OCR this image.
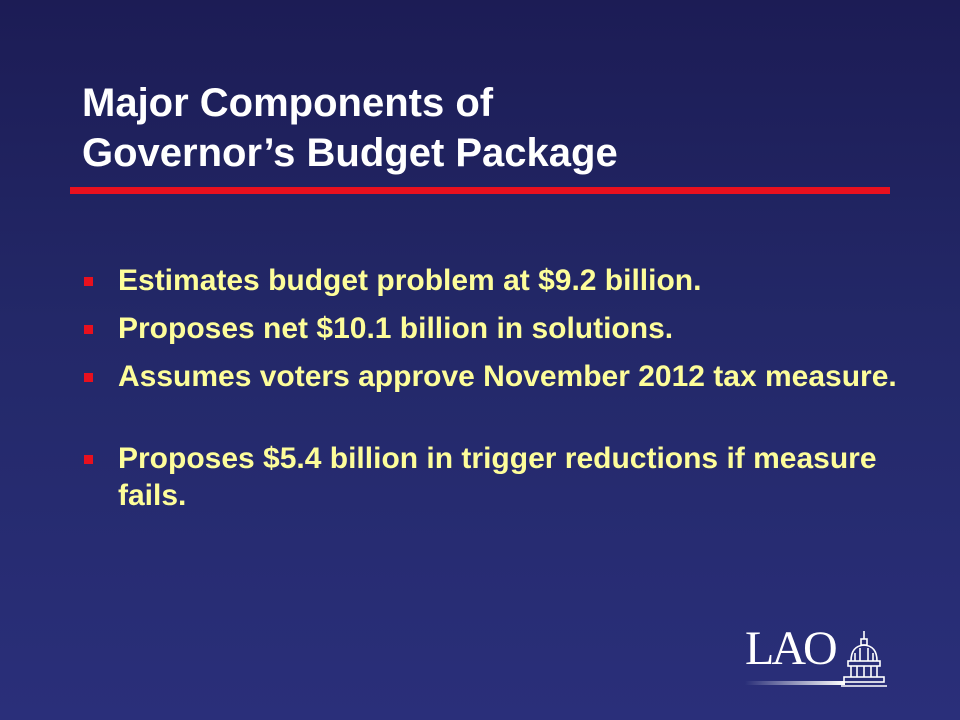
Major Components of
Governor’s Budget Package
Estimates budget problem at $9.2 billion.
Proposes net $10.1 billion in solutions.
Assumes voters approve November 2012 tax measure.
Proposes $5.4 billion in trigger reductions if measure fails.
LAO
